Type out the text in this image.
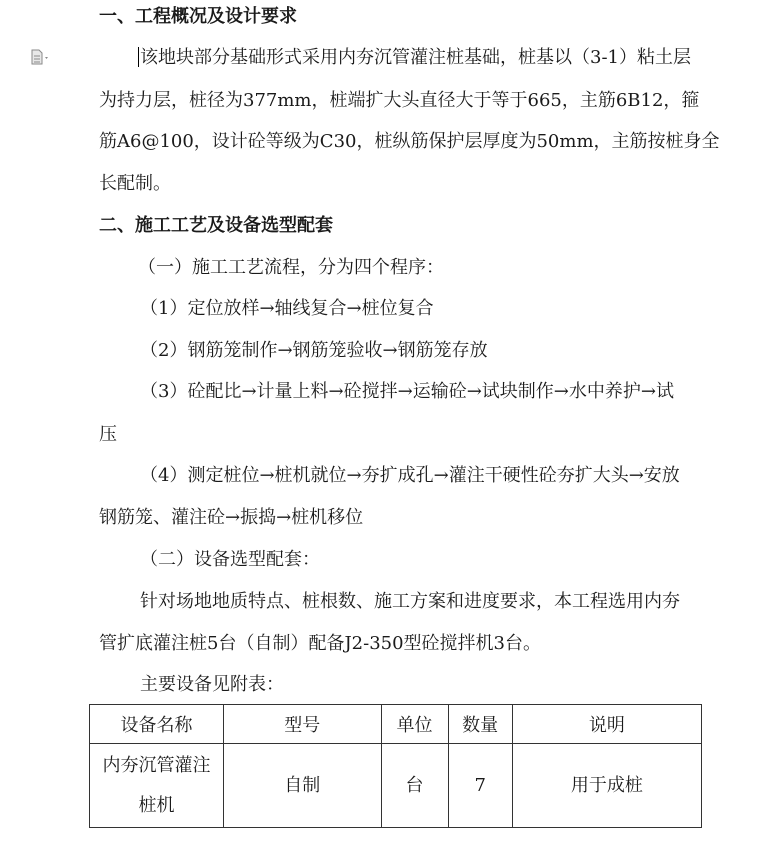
一、工程概况及设计要求
该地块部分基础形式采用内夯沉管灌注桩基础，桩基以（3-1）粘土层
为持力层，桩径为377mm，桩端扩大头直径大于等于665，主筋6B12，箍
筋A6@100，设计砼等级为C30，桩纵筋保护层厚度为50mm，主筋按桩身全
长配制。
二、施工工艺及设备选型配套
（一）施工工艺流程，分为四个程序：
（1）定位放样→轴线复合→桩位复合
（2）钢筋笼制作→钢筋笼验收→钢筋笼存放
（3）砼配比→计量上料→砼搅拌→运输砼→试块制作→水中养护→试
压
（4）测定桩位→桩机就位→夯扩成孔→灌注干硬性砼夯扩大头→安放
钢筋笼、灌注砼→振捣→桩机移位
（二）设备选型配套：
针对场地地质特点、桩根数、施工方案和进度要求，本工程选用内夯
管扩底灌注桩5台（自制）配备J2-350型砼搅拌机3台。
主要设备见附表：
设备名称	型号	单位	数量	说明
内夯沉管灌注桩机	自制	台	7	用于成桩
